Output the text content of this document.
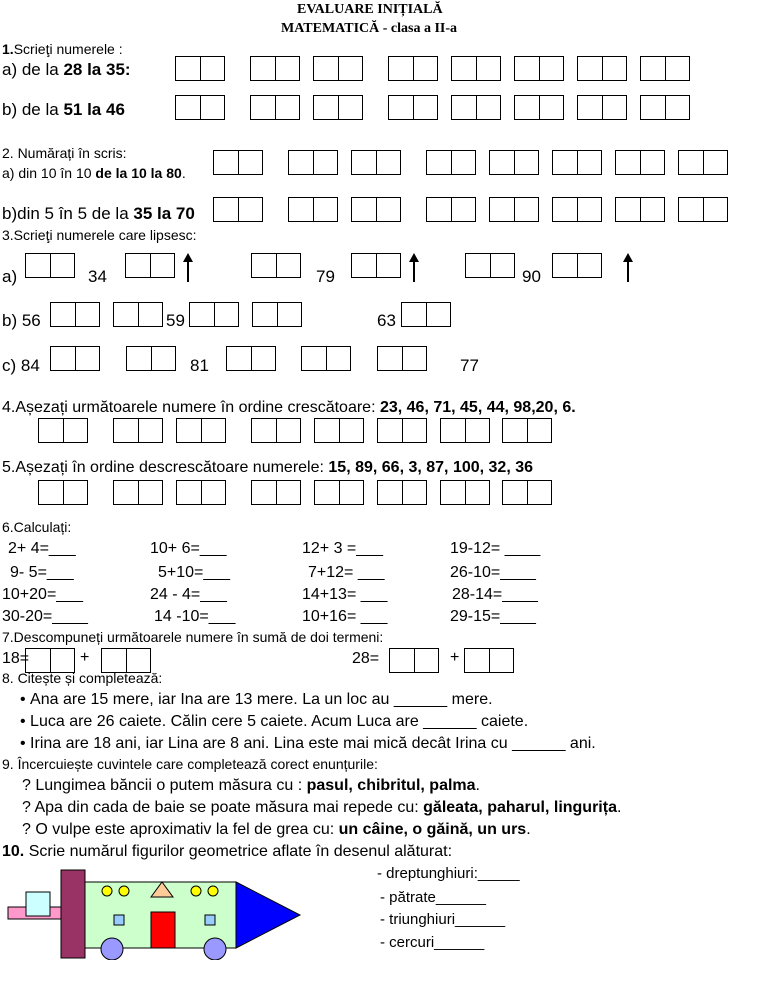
EVALUARE INIȚIALĂ
MATEMATICĂ - clasa a II-a
1.Scrieţi numerele :
a) de la 28 la 35:
b) de la 51 la 46
2. Numărați în scris:
a) din 10 în 10 de la 10 la 80.
b)din 5 în 5 de la 35 la 70
3.Scrieţi numerele care lipsesc:
a)	34	79	90
b) 56	59	63
c) 84	81	77
4.Așezați următoarele numere în ordine crescătoare: 23, 46, 71, 45, 44, 98,20, 6.
5.Așezați în ordine descrescătoare numerele: 15, 89, 66, 3, 87, 100, 32, 36
6.Calculați:
2+ 4=___	10+ 6=___	12+ 3 =___	19-12= ____
9- 5=___	5+10=___	7+12= ___	26-10=____
10+20=___	24 - 4=___	14+13= ___	28-14=____
30-20=____	14 -10=___	10+16= ___	29-15=____
7.Descompuneți următoarele numere în sumă de doi termeni:
18=	+	28=	+
8. Citește și completează:
• Ana are 15 mere, iar Ina are 13 mere. La un loc au ______ mere.
• Luca are 26 caiete. Călin cere 5 caiete. Acum Luca are ______ caiete.
• Irina are 18 ani, iar Lina are 8 ani. Lina este mai mică decât Irina cu ______ ani.
9. Încercuiește cuvintele care completează corect enunțurile:
? Lungimea băncii o putem măsura cu : pasul, chibritul, palma.
? Apa din cada de baie se poate măsura mai repede cu: găleata, paharul, lingurița.
? O vulpe este aproximativ la fel de grea cu: un câine, o găină, un urs.
10. Scrie numărul figurilor geometrice aflate în desenul alăturat:
- dreptunghiuri:_____
- pătrate______
- triunghiuri______
- cercuri______
